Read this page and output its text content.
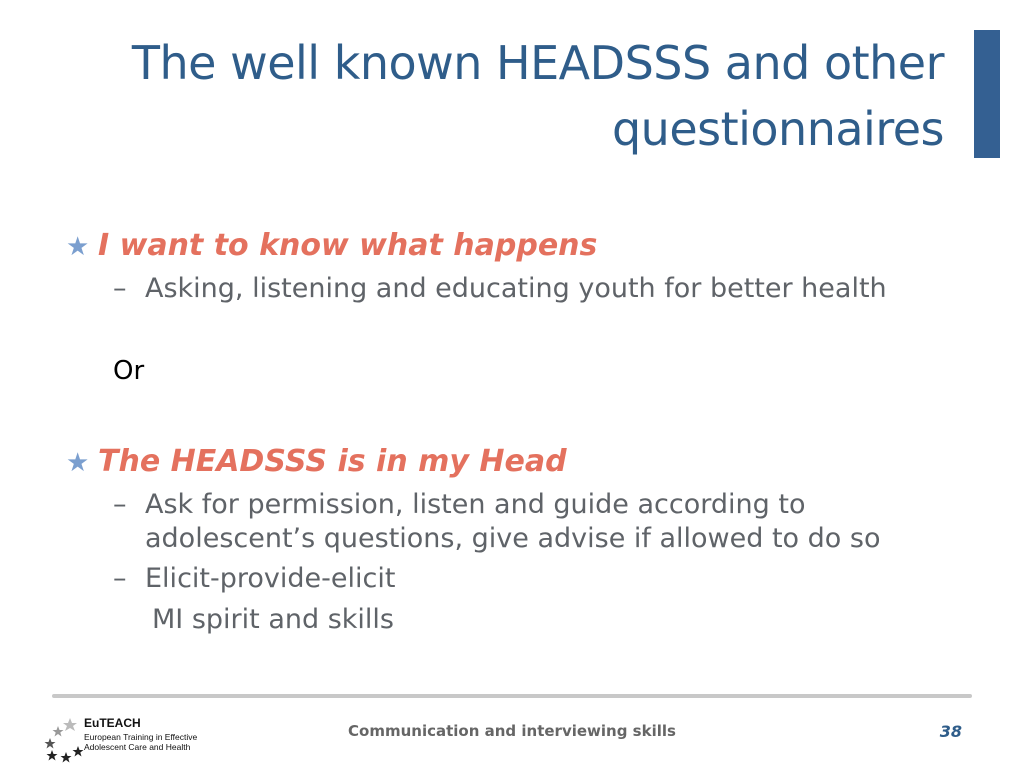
The well known HEADSSS and other questionnaires
★ I want to know what happens
– Asking, listening and educating youth for better health
Or
★ The HEADSSS is in my Head
– Ask for permission, listen and guide according to adolescent’s questions, give advise if allowed to do so
– Elicit-provide-elicit
MI spirit and skills
EuTEACH
European Training in Effective Adolescent Care and Health
Communication and interviewing skills	38
